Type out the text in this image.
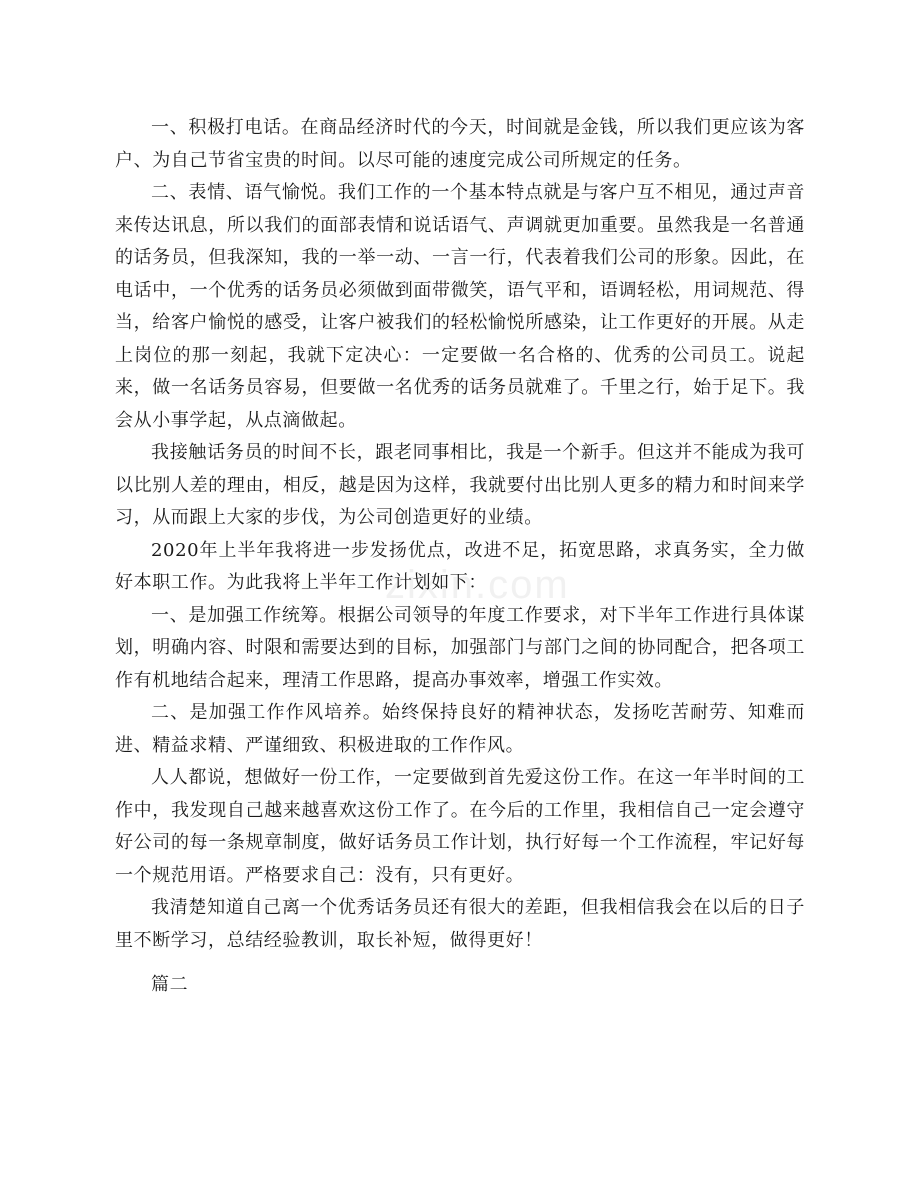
zixin.com

一、积极打电话。在商品经济时代的今天，时间就是金钱，所以我们更应该为客户、为自己节省宝贵的时间。以尽可能的速度完成公司所规定的任务。

二、表情、语气愉悦。我们工作的一个基本特点就是与客户互不相见，通过声音来传达讯息，所以我们的面部表情和说话语气、声调就更加重要。虽然我是一名普通的话务员，但我深知，我的一举一动、一言一行，代表着我们公司的形象。因此，在电话中，一个优秀的话务员必须做到面带微笑，语气平和，语调轻松，用词规范、得当，给客户愉悦的感受，让客户被我们的轻松愉悦所感染，让工作更好的开展。从走上岗位的那一刻起，我就下定决心：一定要做一名合格的、优秀的公司员工。说起来，做一名话务员容易，但要做一名优秀的话务员就难了。千里之行，始于足下。我会从小事学起，从点滴做起。

我接触话务员的时间不长，跟老同事相比，我是一个新手。但这并不能成为我可以比别人差的理由，相反，越是因为这样，我就要付出比别人更多的精力和时间来学习，从而跟上大家的步伐，为公司创造更好的业绩。

2020年上半年我将进一步发扬优点，改进不足，拓宽思路，求真务实，全力做好本职工作。为此我将上半年工作计划如下：

一、是加强工作统筹。根据公司领导的年度工作要求，对下半年工作进行具体谋划，明确内容、时限和需要达到的目标，加强部门与部门之间的协同配合，把各项工作有机地结合起来，理清工作思路，提高办事效率，增强工作实效。

二、是加强工作作风培养。始终保持良好的精神状态，发扬吃苦耐劳、知难而进、精益求精、严谨细致、积极进取的工作作风。

人人都说，想做好一份工作，一定要做到首先爱这份工作。在这一年半时间的工作中，我发现自己越来越喜欢这份工作了。在今后的工作里，我相信自己一定会遵守好公司的每一条规章制度，做好话务员工作计划，执行好每一个工作流程，牢记好每一个规范用语。严格要求自己：没有，只有更好。

我清楚知道自己离一个优秀话务员还有很大的差距，但我相信我会在以后的日子里不断学习，总结经验教训，取长补短，做得更好！

篇二
